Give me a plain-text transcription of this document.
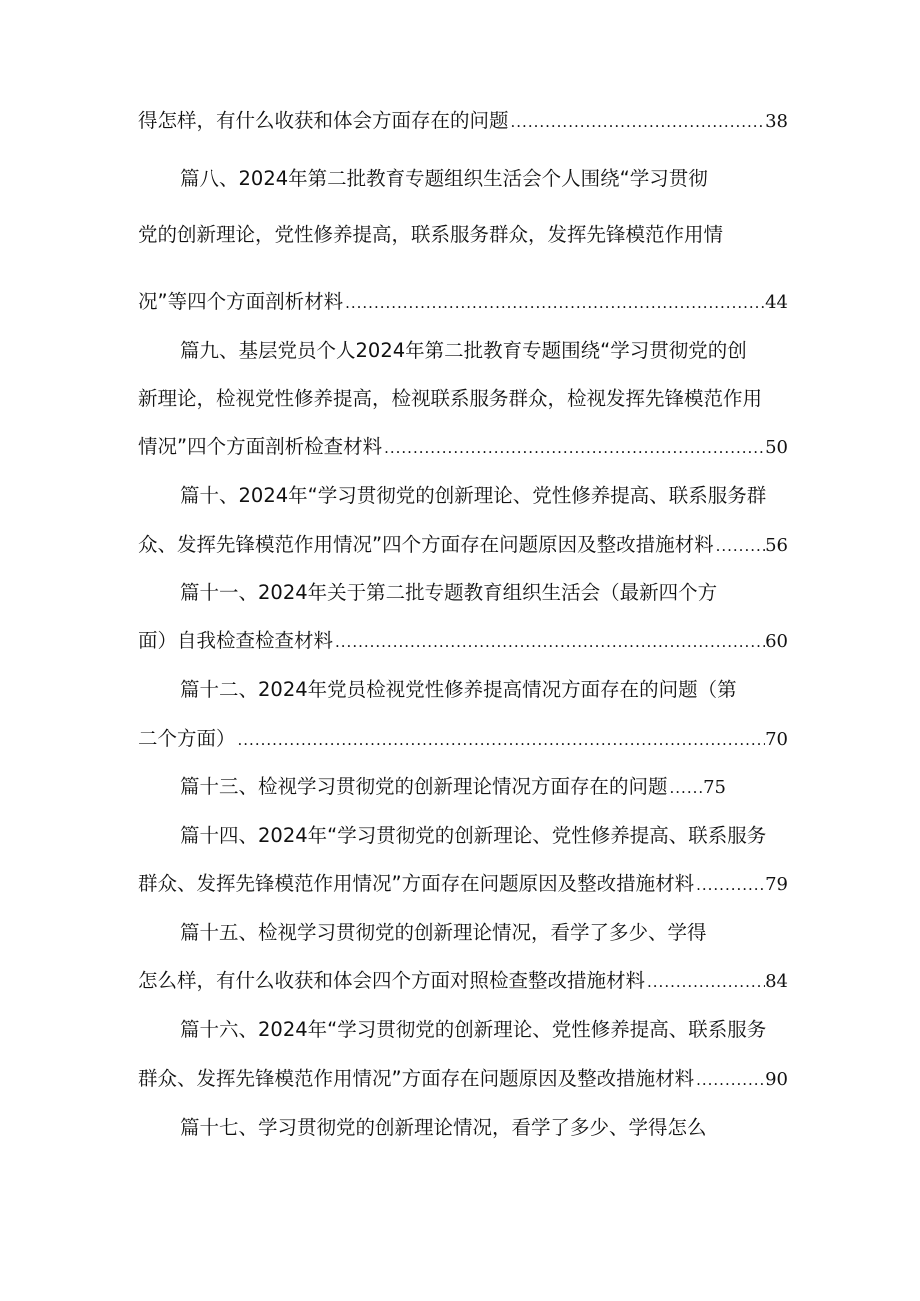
得怎样，有什么收获和体会方面存在的问题 .....	38
篇八、2024年第二批教育专题组织生活会个人围绕“学习贯彻
党的创新理论，党性修养提高，联系服务群众，发挥先锋模范作用情
况”等四个方面剖析材料 .....	44
篇九、基层党员个人2024年第二批教育专题围绕“学习贯彻党的创
新理论，检视党性修养提高，检视联系服务群众，检视发挥先锋模范作用
情况”四个方面剖析检查材料 .....	50
篇十、2024年“学习贯彻党的创新理论、党性修养提高、联系服务群
众、发挥先锋模范作用情况”四个方面存在问题原因及整改措施材料 .....	56
篇十一、2024年关于第二批专题教育组织生活会（最新四个方
面）自我检查检查材料 .....	60
篇十二、2024年党员检视党性修养提高情况方面存在的问题（第
二个方面） .....	70
篇十三、检视学习贯彻党的创新理论情况方面存在的问题 ..... 75
篇十四、2024年“学习贯彻党的创新理论、党性修养提高、联系服务
群众、发挥先锋模范作用情况”方面存在问题原因及整改措施材料 .....	79
篇十五、检视学习贯彻党的创新理论情况，看学了多少、学得
怎么样，有什么收获和体会四个方面对照检查整改措施材料 .....	84
篇十六、2024年“学习贯彻党的创新理论、党性修养提高、联系服务
群众、发挥先锋模范作用情况”方面存在问题原因及整改措施材料 .....	90
篇十七、学习贯彻党的创新理论情况，看学了多少、学得怎么
